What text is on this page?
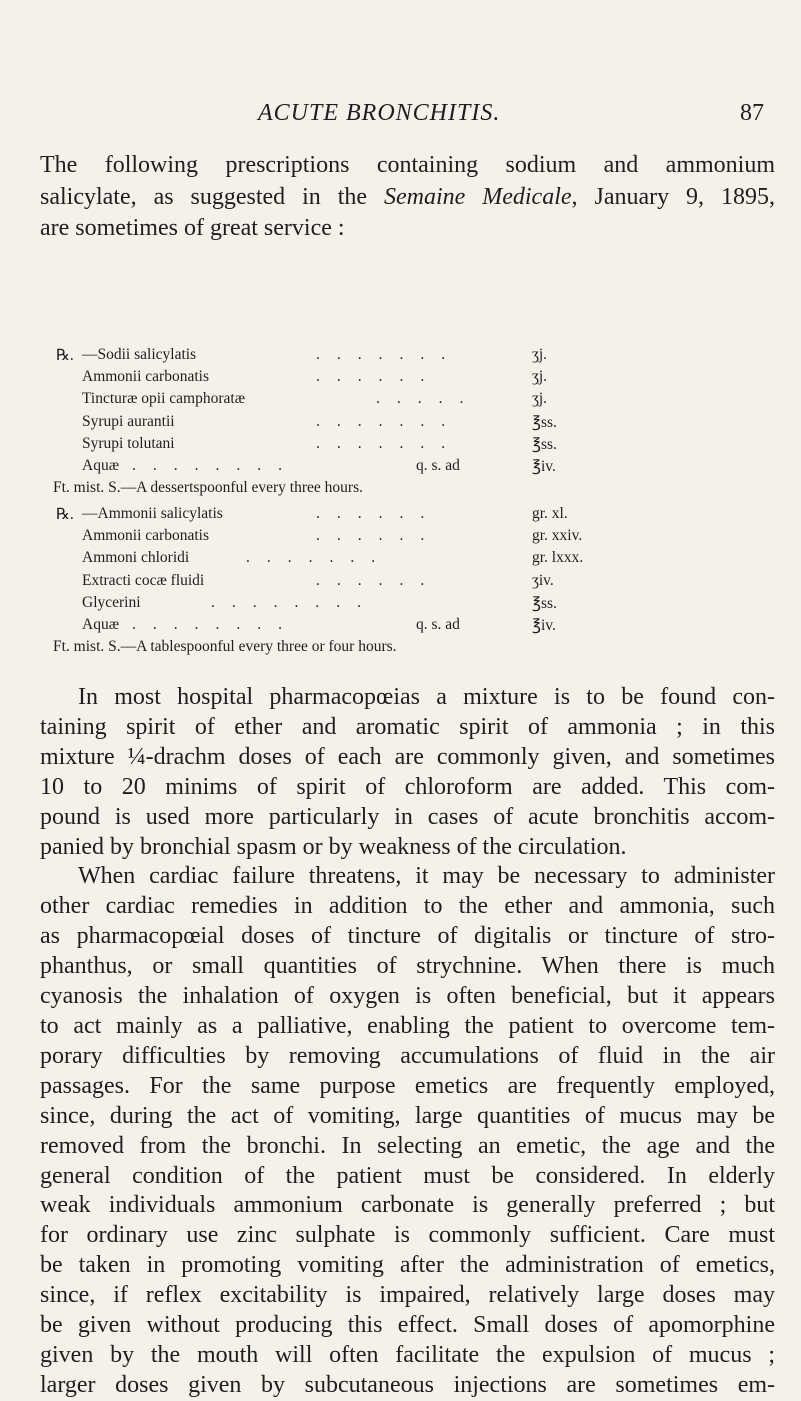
ACUTE BRONCHITIS.	87
The following prescriptions containing sodium and ammonium
salicylate, as suggested in the Semaine Medicale, January 9, 1895,
are sometimes of great service :
℞. —Sodii salicylatis	.......	ʒj.
Ammonii carbonatis	......	ʒj.
Tincturæ opii camphoratæ	.....	ʒj.
Syrupi aurantii	.......	℥ss.
Syrupi tolutani	.......	℥ss.
Aquæ ........	q. s. ad	℥iv.
Ft. mist. S.—A dessertspoonful every three hours.
℞. —Ammonii salicylatis	......	gr. xl.
Ammonii carbonatis	......	gr. xxiv.
Ammoni chloridi	.......	gr. lxxx.
Extracti cocæ fluidi	......	ʒiv.
Glycerini	........	℥ss.
Aquæ ........	q. s. ad	℥iv.
Ft. mist. S.—A tablespoonful every three or four hours.
In most hospital pharmacopœias a mixture is to be found con-
taining spirit of ether and aromatic spirit of ammonia ; in this
mixture ¼-drachm doses of each are commonly given, and sometimes
10 to 20 minims of spirit of chloroform are added. This com-
pound is used more particularly in cases of acute bronchitis accom-
panied by bronchial spasm or by weakness of the circulation.
When cardiac failure threatens, it may be necessary to administer
other cardiac remedies in addition to the ether and ammonia, such
as pharmacopœial doses of tincture of digitalis or tincture of stro-
phanthus, or small quantities of strychnine. When there is much
cyanosis the inhalation of oxygen is often beneficial, but it appears
to act mainly as a palliative, enabling the patient to overcome tem-
porary difficulties by removing accumulations of fluid in the air
passages. For the same purpose emetics are frequently employed,
since, during the act of vomiting, large quantities of mucus may be
removed from the bronchi. In selecting an emetic, the age and the
general condition of the patient must be considered. In elderly
weak individuals ammonium carbonate is generally preferred ; but
for ordinary use zinc sulphate is commonly sufficient. Care must
be taken in promoting vomiting after the administration of emetics,
since, if reflex excitability is impaired, relatively large doses may
be given without producing this effect. Small doses of apomorphine
given by the mouth will often facilitate the expulsion of mucus ;
larger doses given by subcutaneous injections are sometimes em-
